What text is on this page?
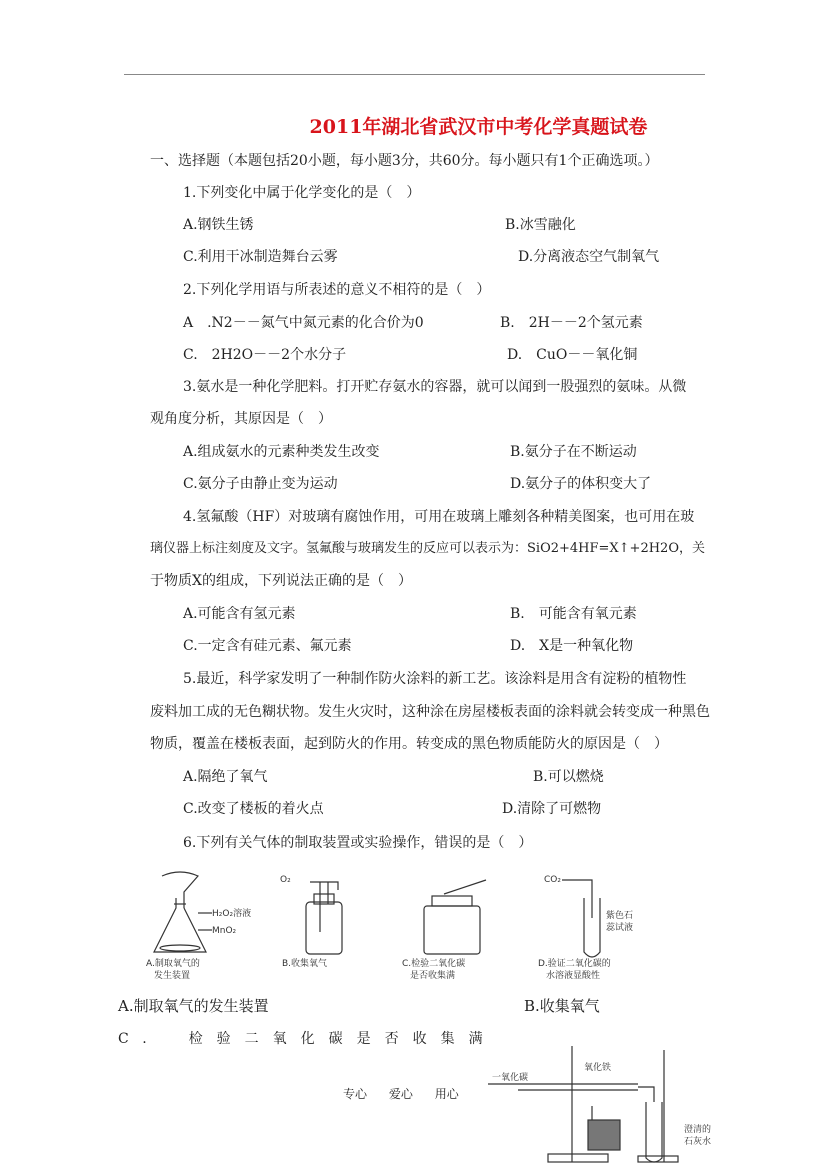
2011年湖北省武汉市中考化学真题试卷
一、选择题（本题包括20小题，每小题3分，共60分。每小题只有1个正确选项。）
1.下列变化中属于化学变化的是（　）
A.钢铁生锈	B.冰雪融化
C.利用干冰制造舞台云雾	D.分离液态空气制氧气
2.下列化学用语与所表述的意义不相符的是（　）
A　.N2－－氮气中氮元素的化合价为0	B.　2H－－2个氢元素
C.　2H2O－－2个水分子	D.　CuO－－氧化铜
3.氨水是一种化学肥料。打开贮存氨水的容器，就可以闻到一股强烈的氨味。从微
观角度分析，其原因是（　）
A.组成氨水的元素种类发生改变	B.氨分子在不断运动
C.氨分子由静止变为运动	D.氨分子的体积变大了
4.氢氟酸（HF）对玻璃有腐蚀作用，可用在玻璃上雕刻各种精美图案，也可用在玻
璃仪器上标注刻度及文字。氢氟酸与玻璃发生的反应可以表示为：SiO2+4HF=X↑+2H2O，关
于物质X的组成，下列说法正确的是（　）
A.可能含有氢元素	B.　可能含有氧元素
C.一定含有硅元素、氟元素	D.　X是一种氧化物
5.最近，科学家发明了一种制作防火涂料的新工艺。该涂料是用含有淀粉的植物性
废料加工成的无色糊状物。发生火灾时，这种涂在房屋楼板表面的涂料就会转变成一种黑色
物质，覆盖在楼板表面，起到防火的作用。转变成的黑色物质能防火的原因是（　）
A.隔绝了氧气	B.可以燃烧
C.改变了楼板的着火点	D.清除了可燃物
6.下列有关气体的制取装置或实验操作，错误的是（　）
H₂O₂溶液
MnO₂
O₂	CO₂
紫色石
蕊试液
A.制取氧气的
发生装置
B.收集氧气	C.检验二氧化碳
是否收集满
D.验证二氧化碳的
水溶液显酸性
A.制取氧气的发生装置	B.收集氧气
C.　检验二氧化碳是否收集满
一氧化碳
氧化铁
澄清的
石灰水
专心 爱心 用心
